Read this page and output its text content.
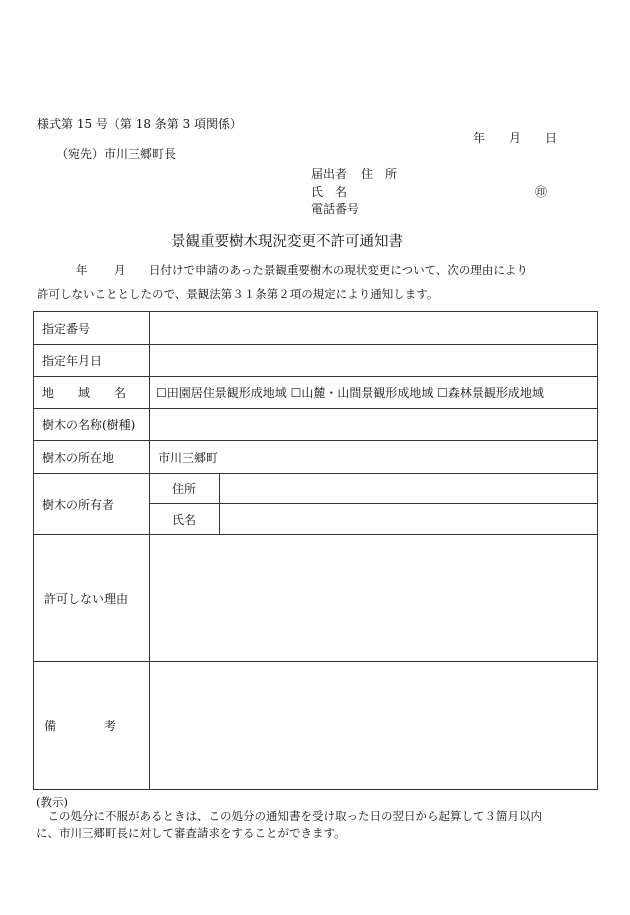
様式第 15 号（第 18 条第 3 項関係）
年 月 日
（宛先）市川三郷町長
届出者 住　所
氏　名	㊞
電話番号
景観重要樹木現況変更不許可通知書
年 月 日付けで申請のあった景観重要樹木の現状変更について、次の理由により
許可しないこととしたので、景観法第３１条第２項の規定により通知します。
指定番号		
指定年月日		
地　　域　　名	☐田園居住景観形成地域 ☐山麓・山間景観形成地域 ☐森林景観形成地域	
樹木の名称(樹種)		
樹木の所在地	市川三郷町	
樹木の所有者	住所	
	氏名	
許可しない理由		
備　　　　考		
(教示)
　この処分に不服があるときは、この処分の通知書を受け取った日の翌日から起算して３箇月以内
に、市川三郷町長に対して審査請求をすることができます。
